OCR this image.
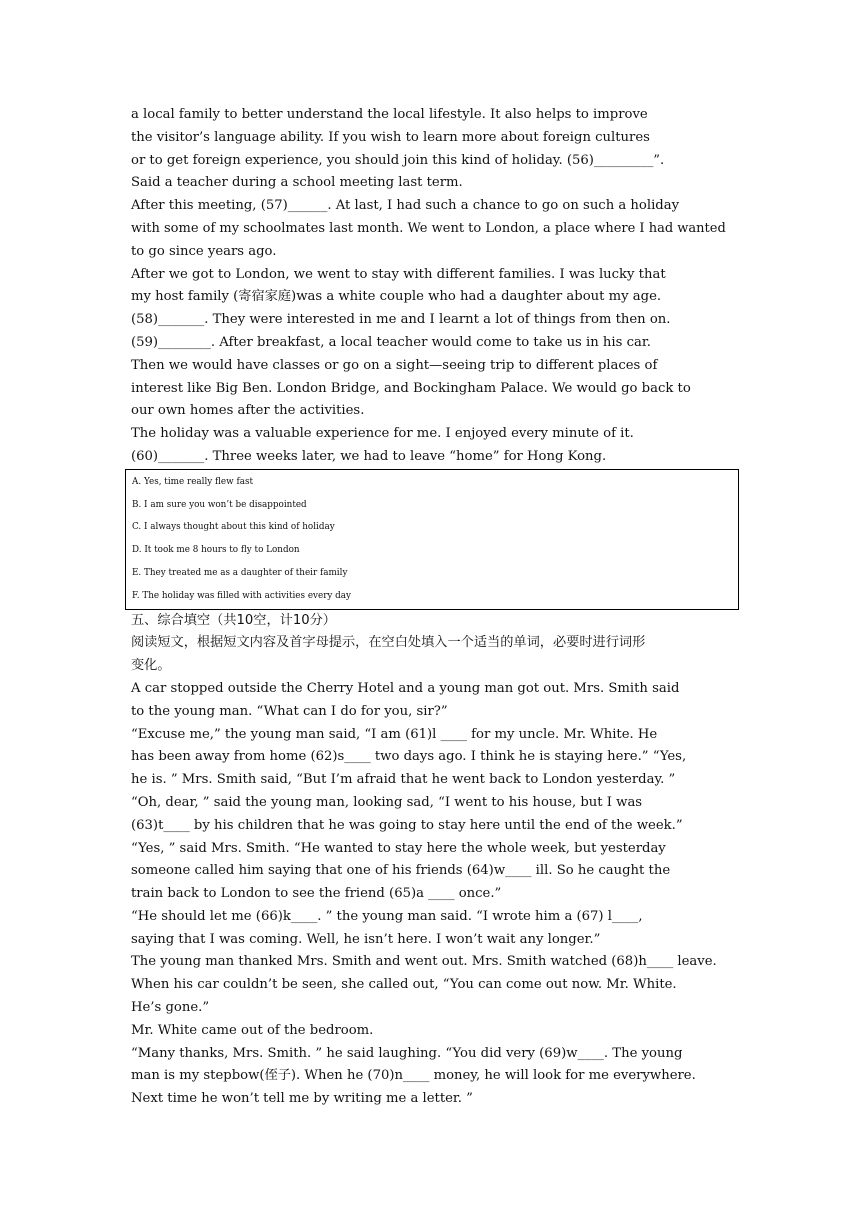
a local family to better understand the local lifestyle. It also helps to improve
the visitor’s language ability. If you wish to learn more about foreign cultures
or to get foreign experience, you should join this kind of holiday. (56)_________”.
Said a teacher during a school meeting last term.
After this meeting, (57)______. At last, I had such a chance to go on such a holiday
with some of my schoolmates last month. We went to London, a place where I had wanted
to go since years ago.
After we got to London, we went to stay with different families. I was lucky that
my host family (寄宿家庭)was a white couple who had a daughter about my age.
(58)_______. They were interested in me and I learnt a lot of things from then on.
(59)________. After breakfast, a local teacher would come to take us in his car.
Then we would have classes or go on a sight—seeing trip to different places of
interest like Big Ben. London Bridge, and Bockingham Palace. We would go back to
our own homes after the activities.
The holiday was a valuable experience for me. I enjoyed every minute of it.
(60)_______. Three weeks later, we had to leave “home” for Hong Kong.
A. Yes, time really flew fast
B. I am sure you won’t be disappointed
C. I always thought about this kind of holiday
D. It took me 8 hours to fly to London
E. They treated me as a daughter of their family
F. The holiday was filled with activities every day
五、综合填空（共10空，计10分）
阅读短文，根据短文内容及首字母提示，在空白处填入一个适当的单词，必要时进行词形
变化。
A car stopped outside the Cherry Hotel and a young man got out. Mrs. Smith said
to the young man. “What can I do for you, sir?”
“Excuse me,” the young man said, “I am (61)l ____ for my uncle. Mr. White. He
has been away from home (62)s____ two days ago. I think he is staying here.” “Yes,
he is. ” Mrs. Smith said, “But I’m afraid that he went back to London yesterday. ”
“Oh, dear, ” said the young man, looking sad, “I went to his house, but I was
(63)t____ by his children that he was going to stay here until the end of the week.”
“Yes, ” said Mrs. Smith. “He wanted to stay here the whole week, but yesterday
someone called him saying that one of his friends (64)w____ ill. So he caught the
train back to London to see the friend (65)a ____ once.”
“He should let me (66)k____. ” the young man said. “I wrote him a (67) l____,
saying that I was coming. Well, he isn’t here. I won’t wait any longer.”
The young man thanked Mrs. Smith and went out. Mrs. Smith watched (68)h____ leave.
When his car couldn’t be seen, she called out, “You can come out now. Mr. White.
He’s gone.”
Mr. White came out of the bedroom.
“Many thanks, Mrs. Smith. ” he said laughing. “You did very (69)w____. The young
man is my stepbow(侄子). When he (70)n____ money, he will look for me everywhere.
Next time he won’t tell me by writing me a letter. ”
